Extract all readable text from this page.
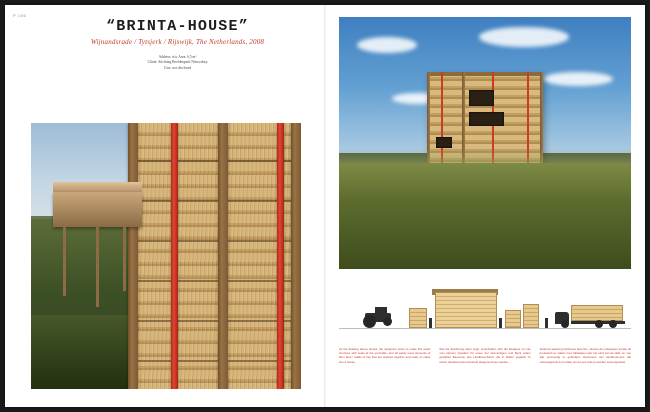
P 106
“BRINTA-HOUSE”
Wijnandsrade / Tytsjerk / Rijswijk, The Netherlands, 2008
Address: n/a, Area: 6,5 m²
Client: Stichting Beeldenpark Nieuwdorp
Cost: not disclosed
As the drawing above shows, the designers strive to make this exact structure with seats at the end-table, and all easily used elements of farm land / stalks of hay that are stacked together and ready to make into a house.
Wie die Zeichnung oben zeigt, entscheiden sich die Designer um die vom kleinen Quadern für einen der ebenerdigen und Byck selten gestalten Elemente des Landbaus-Stroh, die in Rollen gepackt zu einem bauelementen konstruit ausgenommen werden.
Zoals de tekening hierboven laat zien, streven de ontwerpers ernaar dit bouwwerk te maken met zitplaatsen aan het eind van de tafel, en met alle eenvoudig te gebruiken elementen van landbouw-stro dat samengeperst is en klaar om tot een huis te worden samengesteld.
